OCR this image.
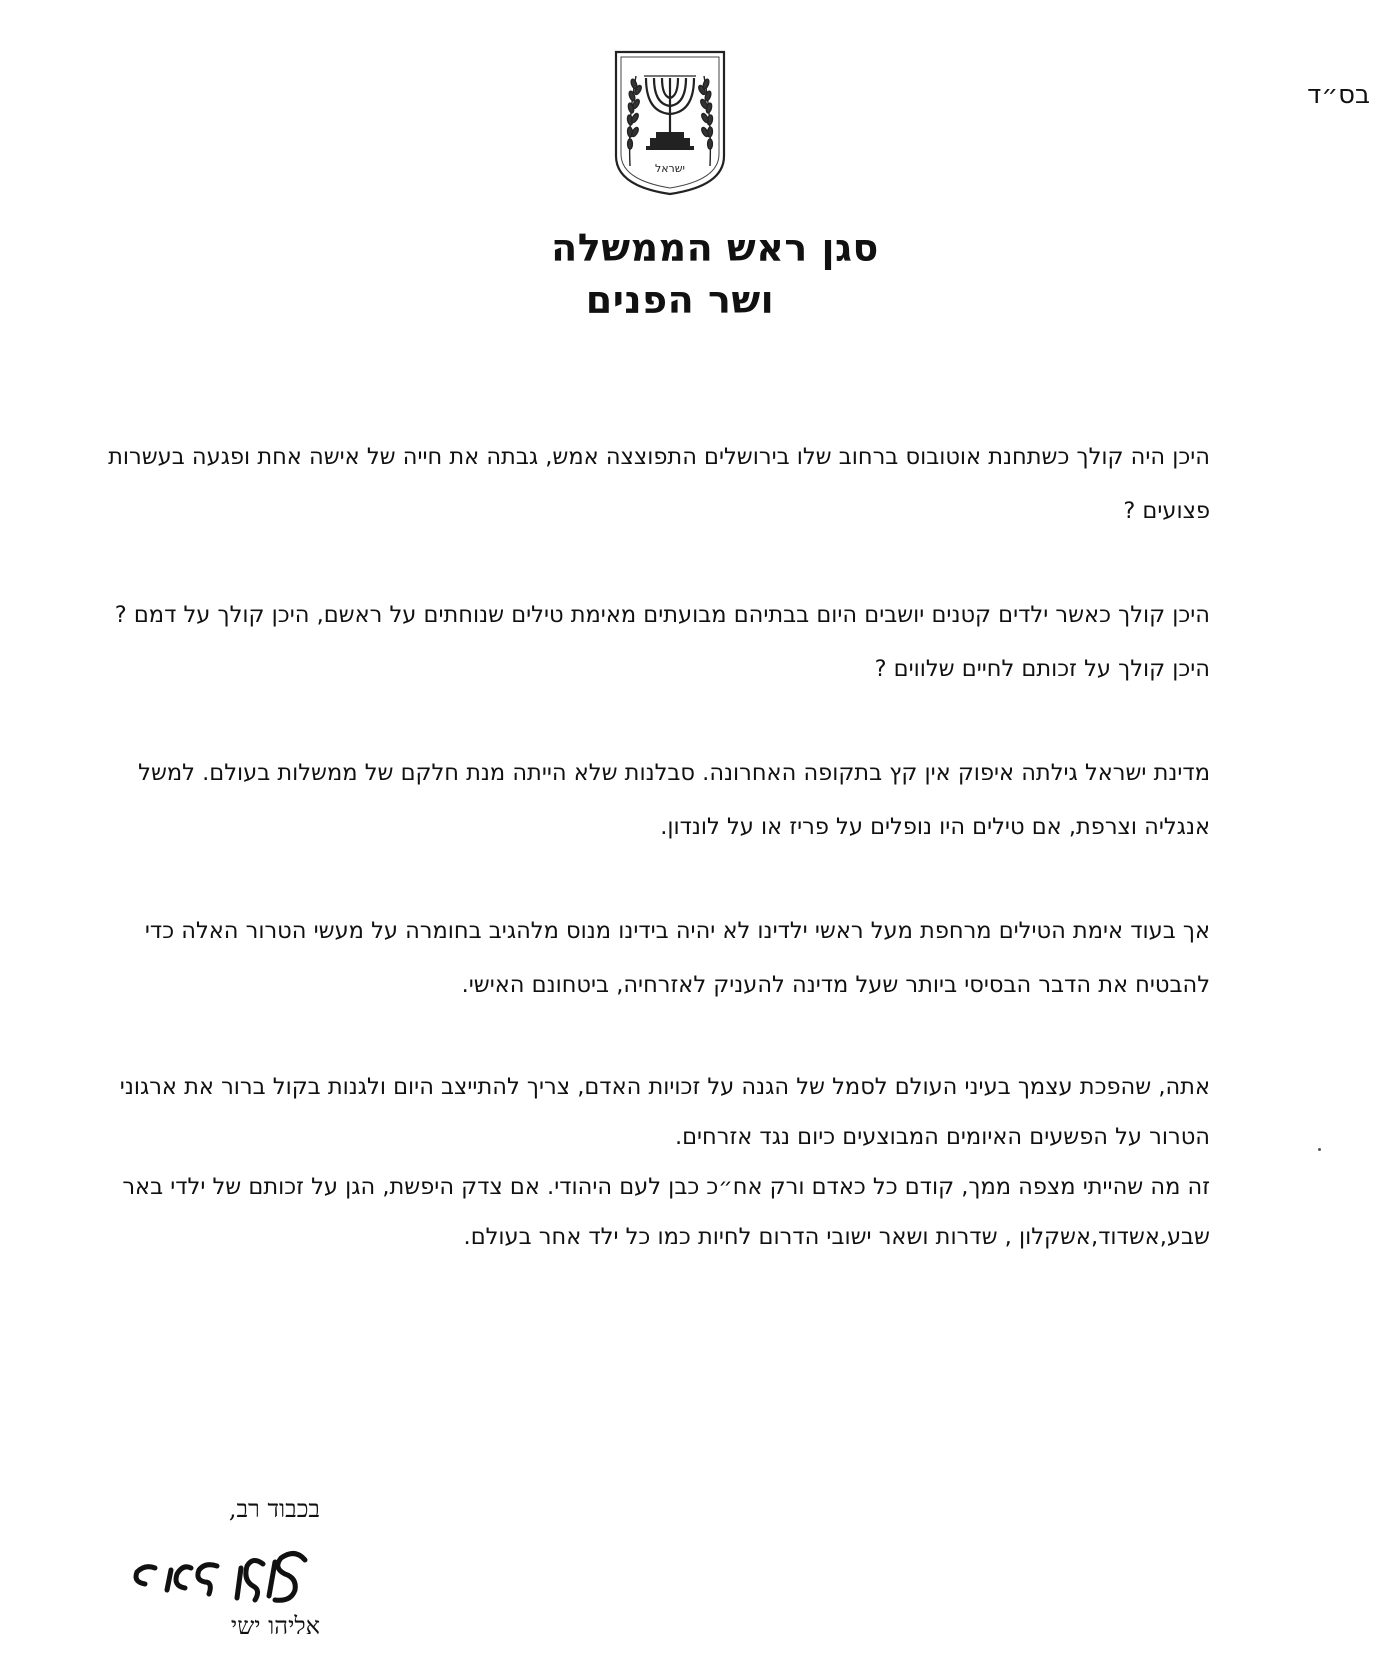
בס״ד
ישראל
סגן ראש הממשלה
ושר הפנים

היכן היה קולך כשתחנת אוטובוס ברחוב שלו בירושלים התפוצצה אמש, גבתה את חייה של אישה אחת ופגעה בעשרות פצועים ?

היכן קולך כאשר ילדים קטנים יושבים היום בבתיהם מבועתים מאימת טילים שנוחתים על ראשם, היכן קולך על דמם ? היכן קולך על זכותם לחיים שלווים ?

מדינת ישראל גילתה איפוק אין קץ בתקופה האחרונה. סבלנות שלא הייתה מנת חלקם של ממשלות בעולם. למשל אנגליה וצרפת, אם טילים היו נופלים על פריז או על לונדון.

אך בעוד אימת הטילים מרחפת מעל ראשי ילדינו לא יהיה בידינו מנוס מלהגיב בחומרה על מעשי הטרור האלה כדי להבטיח את הדבר הבסיסי ביותר שעל מדינה להעניק לאזרחיה, ביטחונם האישי.

אתה, שהפכת עצמך בעיני העולם לסמל של הגנה על זכויות האדם, צריך להתייצב היום ולגנות בקול ברור את ארגוני הטרור על הפשעים האיומים המבוצעים כיום נגד אזרחים.

זה מה שהייתי מצפה ממך, קודם כל כאדם ורק אח״כ כבן לעם היהודי. אם צדק היפשת, הגן על זכותם של ילדי באר שבע,אשדוד,אשקלון , שדרות ושאר ישובי הדרום לחיות כמו כל ילד אחר בעולם.

בכבוד רב,
אליהו ישי אליהו ישי
